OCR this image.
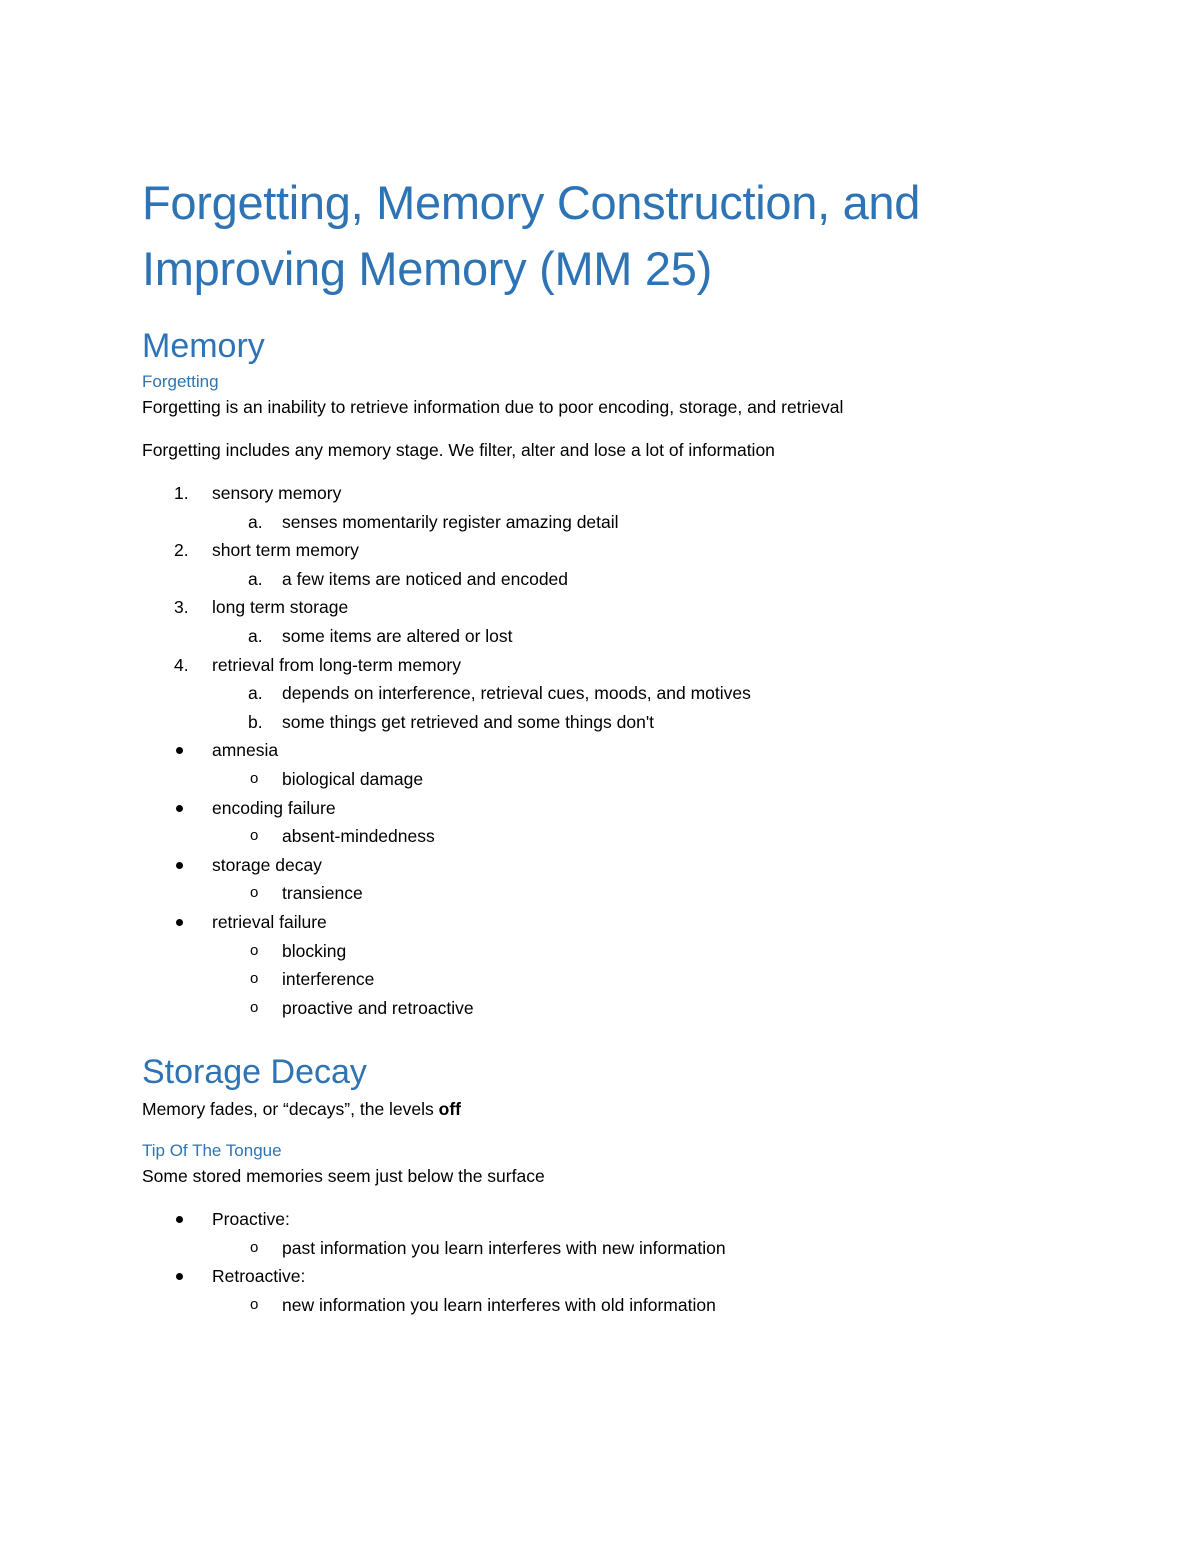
Forgetting, Memory Construction, and
Improving Memory (MM 25)
Memory
Forgetting

Forgetting is an inability to retrieve information due to poor encoding, storage, and retrieval

Forgetting includes any memory stage. We filter, alter and lose a lot of information

1.	sensory memory
a.	senses momentarily register amazing detail
2.	short term memory
a.	a few items are noticed and encoded
3.	long term storage
a.	some items are altered or lost
4.	retrieval from long-term memory
a.	depends on interference, retrieval cues, moods, and motives
b.	some things get retrieved and some things don't
amnesia
o biological damage
encoding failure
o absent-mindedness
storage decay
o transience
retrieval failure
o blocking
o interference
o proactive and retroactive
Storage Decay

Memory fades, or “decays”, the levels off

Tip Of The Tongue

Some stored memories seem just below the surface

Proactive:
o past information you learn interferes with new information
Retroactive:
o new information you learn interferes with old information
